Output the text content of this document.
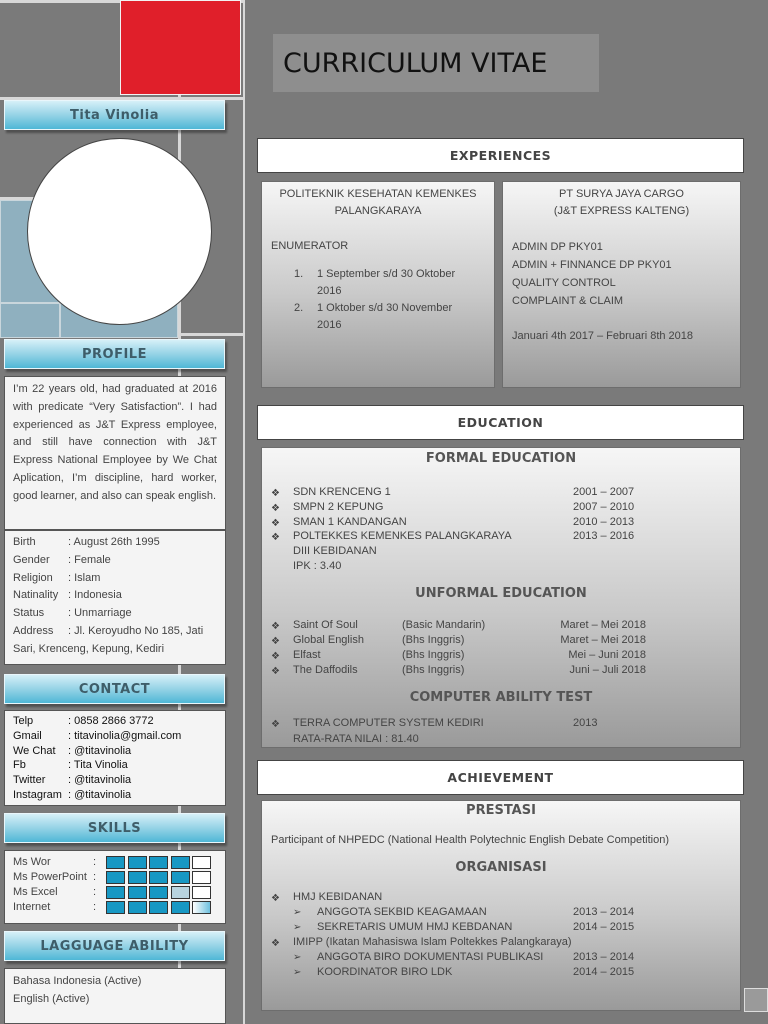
Tita Vinolia
PROFILE
I’m 22 years old, had graduated at 2016 with predicate “Very Satisfaction”. I had experienced as J&T Express employee, and still have connection with J&T Express National Employee by We Chat Aplication, I’m discipline, hard worker, good learner, and also can speak english.
Birth	: August 26th 1995
Gender : Female
Religion : Islam
Natinality : Indonesia
Status : Unmarriage
Address : Jl. Keroyudho No 185, Jati
Sari, Krenceng, Kepung, Kediri
CONTACT
Telp	: 0858 2866 3772
Gmail : titavinolia@gmail.com
We Chat : @titavinolia
Fb	: Tita Vinolia
Twitter : @titavinolia
Instagram : @titavinolia
SKILLS
Ms Wor	:
Ms PowerPoint :
Ms Excel	:
Internet	:
LAGGUAGE ABILITY
Bahasa Indonesia (Active)
English (Active)
CURRICULUM VITAE
EXPERIENCES
POLITEKNIK KESEHATAN KEMENKES
PALANGKARAYA
ENUMERATOR
1.	1 September s/d 30 Oktober
2016
2.	1 Oktober s/d 30 November
2016
PT SURYA JAYA CARGO
(J&T EXPRESS KALTENG)
ADMIN DP PKY01
ADMIN + FINNANCE DP PKY01
QUALITY CONTROL
COMPLAINT & CLAIM
Januari 4th 2017 – Februari 8th 2018
EDUCATION
FORMAL EDUCATION
❖ SDN KRENCENG 1	2001 – 2007
❖ SMPN 2 KEPUNG	2007 – 2010
❖ SMAN 1 KANDANGAN	2010 – 2013
❖ POLTEKKES KEMENKES PALANGKARAYA	2013 – 2016
DIII KEBIDANAN
IPK : 3.40
UNFORMAL EDUCATION
❖ Saint Of Soul	(Basic Mandarin)	Maret – Mei 2018
❖ Global English	(Bhs Inggris)	Maret – Mei 2018
❖ Elfast	(Bhs Inggris)	Mei – Juni 2018
❖ The Daffodils	(Bhs Inggris)	Juni – Juli 2018
COMPUTER ABILITY TEST
❖ TERRA COMPUTER SYSTEM KEDIRI	2013
RATA-RATA NILAI : 81.40
ACHIEVEMENT
PRESTASI
Participant of NHPEDC (National Health Polytechnic English Debate Competition)
ORGANISASI
❖ HMJ KEBIDANAN
➢ ANGGOTA SEKBID KEAGAMAAN	2013 – 2014
➢ SEKRETARIS UMUM HMJ KEBDANAN	2014 – 2015
❖ IMIPP (Ikatan Mahasiswa Islam Poltekkes Palangkaraya)
➢ ANGGOTA BIRO DOKUMENTASI PUBLIKASI	2013 – 2014
➢ KOORDINATOR BIRO LDK	2014 – 2015
